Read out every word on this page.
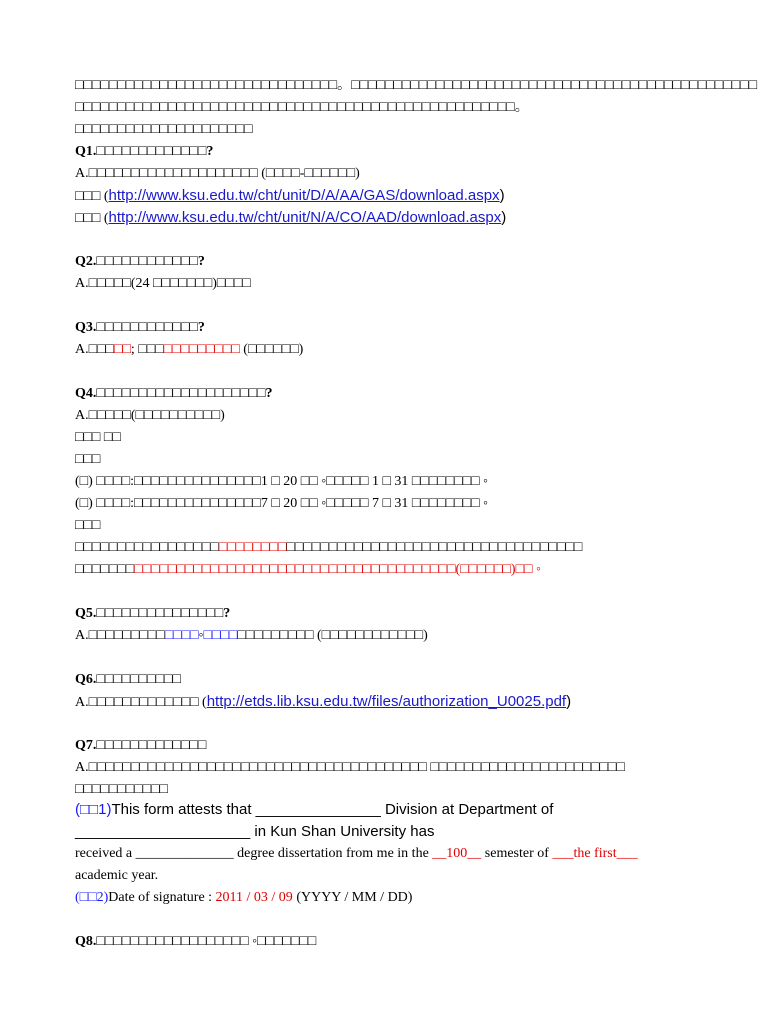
□□□□□□□□□□□□□□□□□□□□□□□□□□□□□□□。□□□□□□□□□□□□□□□□□□□□□□□□□□□□□□□□□□□□□□□□□□□□□□□□
□□□□□□□□□□□□□□□□□□□□□□□□□□□□□□□□□□□□□□□□□□□□□□□□□□□□。
□□□□□□□□□□□□□□□□□□□□□
Q1.□□□□□□□□□□□□□?
A.□□□□□□□□□□□□□□□□□□□□ (□□□□-□□□□□□)
□□□ (http://www.ksu.edu.tw/cht/unit/D/A/AA/GAS/download.aspx)
□□□ (http://www.ksu.edu.tw/cht/unit/N/A/CO/AAD/download.aspx)
Q2.□□□□□□□□□□□□?
A.□□□□□(24 □□□□□□□)□□□□
Q3.□□□□□□□□□□□□?
A.□□□□□; □□□□□□□□□□□□ (□□□□□□)
Q4.□□□□□□□□□□□□□□□□□□□□?
A.□□□□□(□□□□□□□□□□)
□□□ □□
□□□
(□) □□□□:□□□□□□□□□□□□□□□1 □ 20 □□ ◦□□□□□ 1 □ 31 □□□□□□□□ ◦
(□) □□□□:□□□□□□□□□□□□□□□7 □ 20 □□ ◦□□□□□ 7 □ 31 □□□□□□□□ ◦
□□□
□□□□□□□□□□□□□□□□□□□□□□□□□□□□□□□□□□□□□□□□□□□□□□□□□□□□□□□□□□□□
□□□□□□□□□□□□□□□□□□□□□□□□□□□□□□□□□□□□□□□□□□□□□(□□□□□□)□□ ◦
Q5.□□□□□□□□□□□□□□□?
A.□□□□□□□□□□□□□◦□□□□□□□□□□□□□ (□□□□□□□□□□□□)
Q6.□□□□□□□□□□
A.□□□□□□□□□□□□□ (http://etds.lib.ksu.edu.tw/files/authorization_U0025.pdf)
Q7.□□□□□□□□□□□□□
A.□□□□□□□□□□□□□□□□□□□□□□□□□□□□□□□□□□□□□□□□ □□□□□□□□□□□□□□□□□□□□□□□
□□□□□□□□□□□
(□□1)This form attests that _______________ Division at Department of
_____________________ in Kun Shan University has
received a ______________ degree dissertation from me in the __100__ semester of ___the first___
academic year.
(□□2)Date of signature : 2011 / 03 / 09 (YYYY / MM / DD)
Q8.□□□□□□□□□□□□□□□□□□ ◦□□□□□□□
